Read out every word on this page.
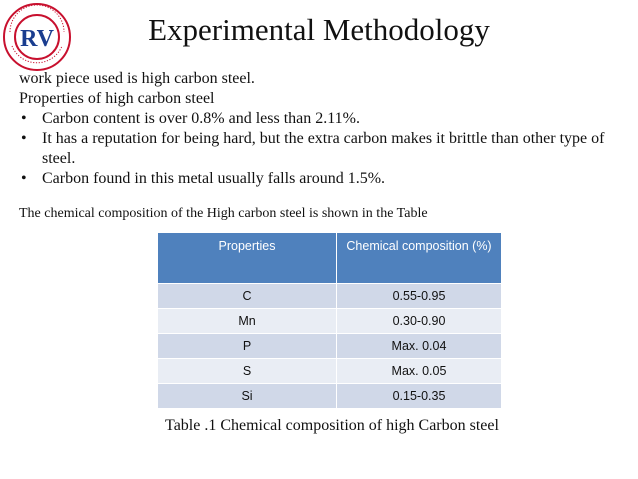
RV	Experimental Methodology

work piece used is high carbon steel.

Properties of high carbon steel

• Carbon content is over 0.8% and less than 2.11%.
• It has a reputation for being hard, but the extra carbon makes it brittle than other type of steel.
• Carbon found in this metal usually falls around 1.5%.
The chemical composition of the High carbon steel is shown in the Table
Properties	Chemical composition (%)
C	0.55-0.95
Mn	0.30-0.90
P	Max. 0.04
S	Max. 0.05
Si	0.15-0.35
Table .1 Chemical composition of high Carbon steel
